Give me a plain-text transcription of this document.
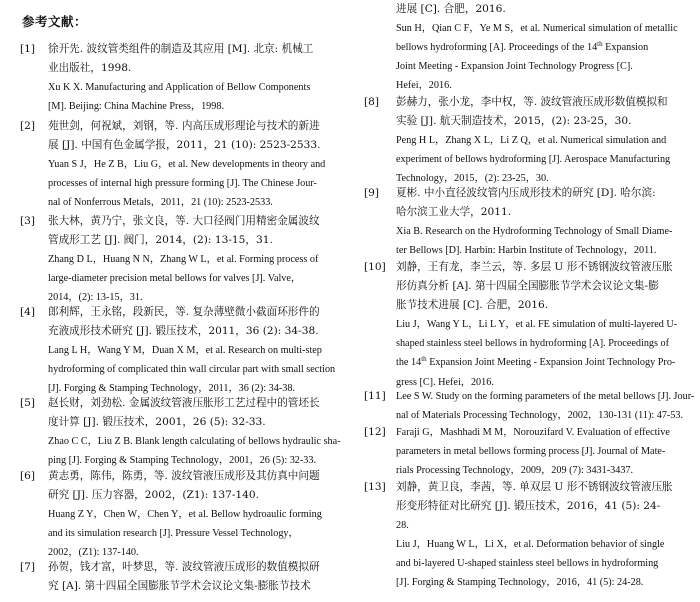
参考文献：
[1] 徐开先. 波纹管类组件的制造及其应用 [M]. 北京: 机械工
业出版社，1998.
Xu K X. Manufacturing and Application of Bellow Components
[M]. Beijing: China Machine Press，1998.
[2] 苑世剑，何祝斌，刘钢，等. 内高压成形理论与技术的新进
展 [J]. 中国有色金属学报，2011，21 (10): 2523-2533.
Yuan S J，He Z B，Liu G，et al. New developments in theory and
processes of internal high pressure forming [J]. The Chinese Jour-
nal of Nonferrous Metals，2011，21 (10): 2523-2533.
[3] 张大林，黄乃宁，张文良，等. 大口径阀门用精密金属波纹
管成形工艺 [J]. 阀门，2014，(2): 13-15，31.
Zhang D L，Huang N N，Zhang W L，et al. Forming process of
large-diameter precision metal bellows for valves [J]. Valve，
2014，(2): 13-15，31.
[4] 郎利辉，王永铭，段新民，等. 复杂薄壁微小截面环形件的
充液成形技术研究 [J]. 锻压技术，2011，36 (2): 34-38.
Lang L H，Wang Y M，Duan X M，et al. Research on multi-step
hydroforming of complicated thin wall circular part with small section
[J]. Forging & Stamping Technology，2011，36 (2): 34-38.
[5] 赵长财，刘劲松. 金属波纹管液压胀形工艺过程中的管坯长
度计算 [J]. 锻压技术，2001，26 (5): 32-33.
Zhao C C，Liu Z B. Blank length calculating of bellows hydraulic sha-
ping [J]. Forging & Stamping Technology，2001，26 (5): 32-33.
[6] 黄志勇，陈伟，陈勇，等. 波纹管液压成形及其仿真中问题
研究 [J]. 压力容器，2002，(Z1): 137-140.
Huang Z Y，Chen W，Chen Y，et al. Bellow hydroaulic forming
and its simulation research [J]. Pressure Vessel Technology，
2002，(Z1): 137-140.
[7] 孙贺，钱才富，叶梦思，等. 波纹管液压成形的数值模拟研
究 [A]. 第十四届全国膨胀节学术会议论文集-膨胀节技术
进展 [C]. 合肥，2016.
Sun H，Qian C F，Ye M S，et al. Numerical simulation of metallic
bellows hydroforming [A]. Proceedings of the 14th Expansion
Joint Meeting - Expansion Joint Technology Progress [C].
Hefei，2016.
[8] 彭赫力，张小龙，李中权，等. 波纹管液压成形数值模拟和
实验 [J]. 航天制造技术，2015，(2): 23-25，30.
Peng H L，Zhang X L，Li Z Q，et al. Numerical simulation and
experiment of bellows hydroforming [J]. Aerospace Manufacturing
Technology，2015，(2): 23-25，30.
[9] 夏彬. 中小直径波纹管内压成形技术的研究 [D]. 哈尔滨:
哈尔滨工业大学，2011.
Xia B. Research on the Hydroforming Technology of Small Diame-
ter Bellows [D]. Harbin: Harbin Institute of Technology，2011.
[10] 刘静，王有龙，李兰云，等. 多层 U 形不锈钢波纹管液压胀
形仿真分析 [A]. 第十四届全国膨胀节学术会议论文集-膨
胀节技术进展 [C]. 合肥，2016.
Liu J，Wang Y L，Li L Y，et al. FE simulation of multi-layered U-
shaped stainless steel bellows in hydroforming [A]. Proceedings of
the 14th Expansion Joint Meeting - Expansion Joint Technology Pro-
gress [C]. Hefei，2016.
[11] Lee S W. Study on the forming parameters of the metal bellows [J]. Jour-
nal of Materials Processing Technology，2002，130-131 (11): 47-53.
[12] Faraji G，Mashhadi M M，Norouzifard V. Evaluation of effective
parameters in metal bellows forming process [J]. Journal of Mate-
rials Processing Technology，2009，209 (7): 3431-3437.
[13] 刘静，黄卫良，李茜，等. 单双层 U 形不锈钢波纹管液压胀
形变形特征对比研究 [J]. 锻压技术，2016，41 (5): 24-
28.
Liu J，Huang W L，Li X，et al. Deformation behavior of single
and bi-layered U-shaped stainless steel bellows in hydroforming
[J]. Forging & Stamping Technology，2016，41 (5): 24-28.
